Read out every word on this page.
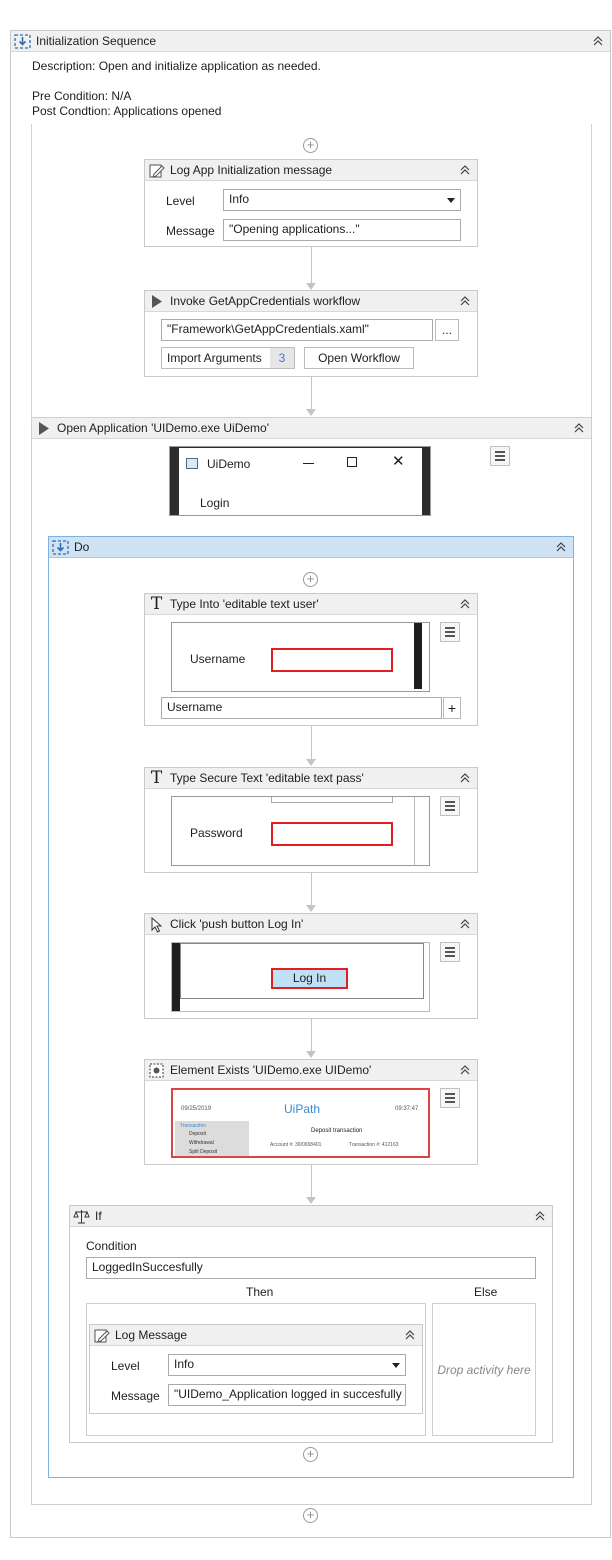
Initialization Sequence
Description: Open and initialize application as needed.
Pre Condition: N/A
Post Condtion: Applications opened
+
Log App Initialization message
Level	Info
Message	"Opening applications..."
Invoke GetAppCredentials workflow
"Framework\GetAppCredentials.xaml"	...
Import Arguments	3	Open Workflow
Open Application 'UIDemo.exe UiDemo'
UiDemo	✕
Login
Do
+
T Type Into 'editable text user'
Username
Username	+
T Type Secure Text 'editable text pass'
Password
Click 'push button Log In'
Log In
Element Exists 'UIDemo.exe UIDemo'
09/25/2019	UiPath	09:37:47
Transaction
Deposit
Withdrawal
Split Deposit
Deposit transaction
Account #: 39/0658401	Transaction #: 412163
If
Condition
LoggedInSuccesfully
Then	Else
Drop activity here
Log Message
Level	Info
Message	"UIDemo_Application logged in succesfully
+
+
